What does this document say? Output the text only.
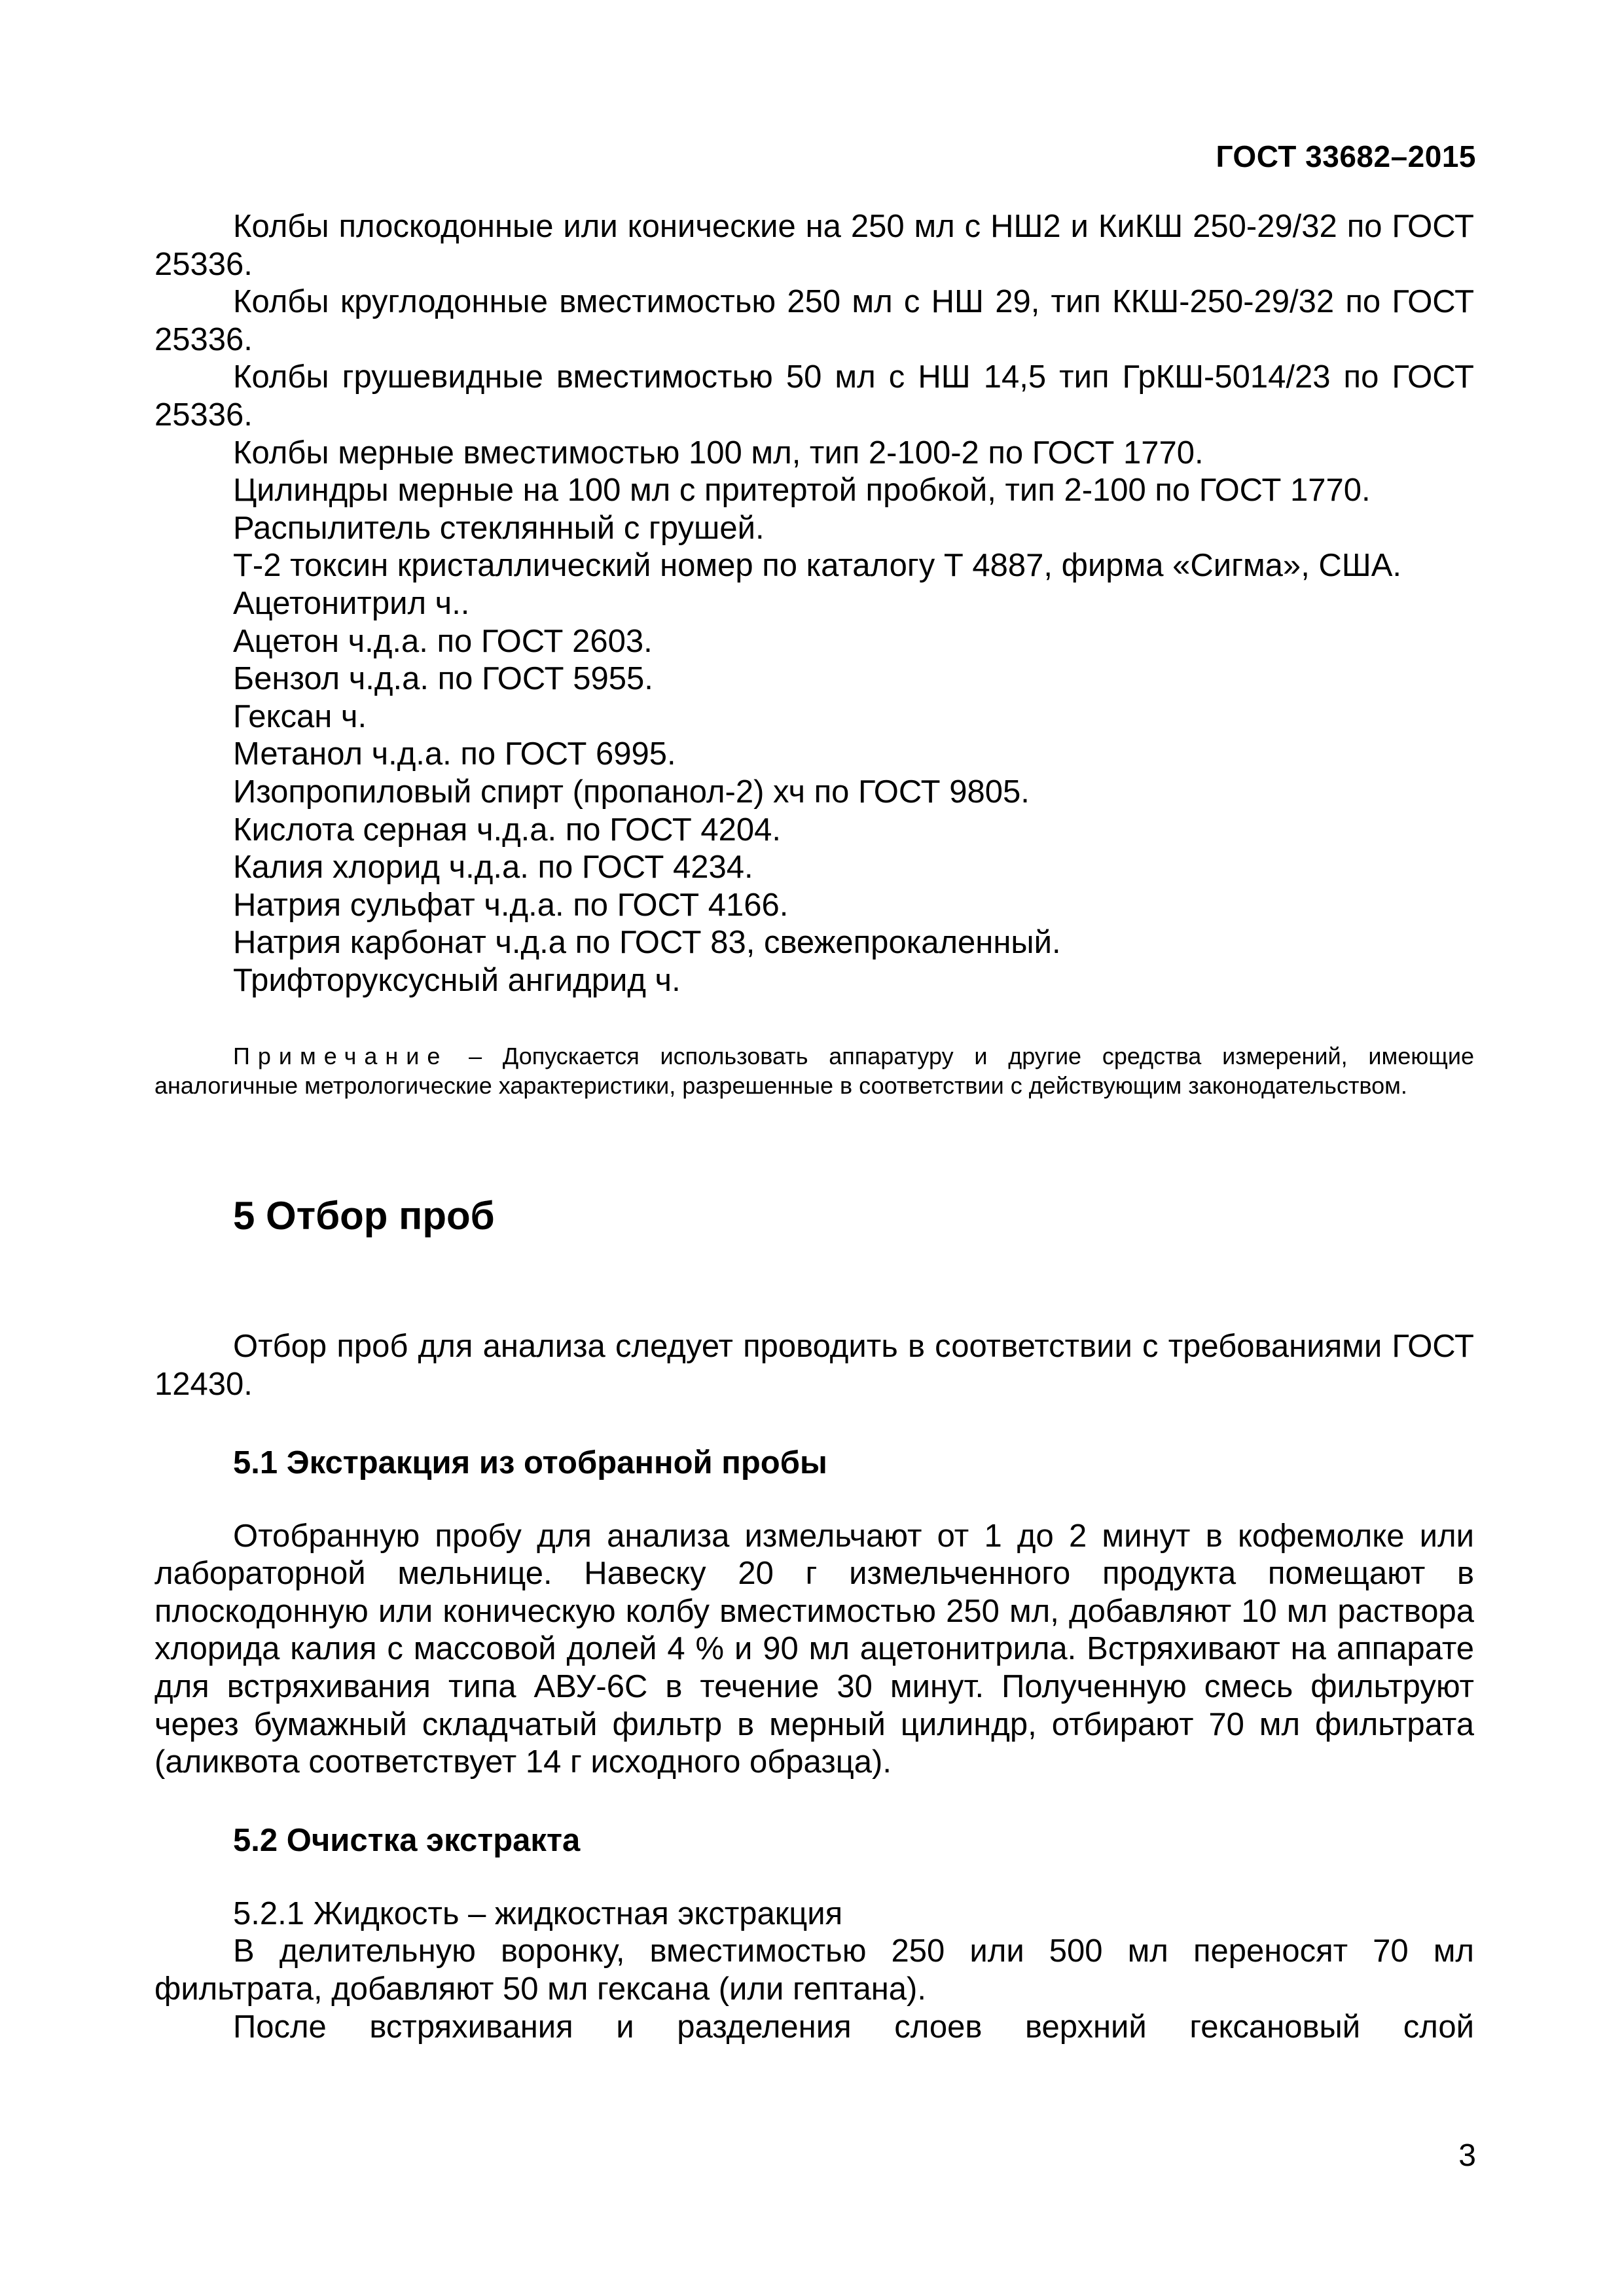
ГОСТ 33682–2015

Колбы плоскодонные или конические на 250 мл с НШ2 и КиКШ 250-29/32 по ГОСТ 25336.

Колбы круглодонные вместимостью 250 мл с НШ 29, тип ККШ-250-29/32 по ГОСТ 25336.

Колбы грушевидные вместимостью 50 мл с НШ 14,5 тип ГрКШ-5014/23 по ГОСТ 25336.

Колбы мерные вместимостью 100 мл, тип 2-100-2 по ГОСТ 1770.

Цилиндры мерные на 100 мл с притертой пробкой, тип 2-100 по ГОСТ 1770.

Распылитель стеклянный с грушей.

Т-2 токсин кристаллический номер по каталогу Т 4887, фирма «Сигма», США.

Ацетонитрил ч..

Ацетон ч.д.а. по ГОСТ 2603.

Бензол ч.д.а. по ГОСТ 5955.

Гексан ч.

Метанол ч.д.а. по ГОСТ 6995.

Изопропиловый спирт (пропанол-2) хч по ГОСТ 9805.

Кислота серная ч.д.а. по ГОСТ 4204.

Калия хлорид ч.д.а. по ГОСТ 4234.

Натрия сульфат ч.д.а. по ГОСТ 4166.

Натрия карбонат ч.д.а по ГОСТ 83, свежепрокаленный.

Трифторуксусный ангидрид ч.

Примечание – Допускается использовать аппаратуру и другие средства измерений, имеющие аналогичные метрологические характеристики, разрешенные в соответствии с действующим законодательством.

5 Отбор проб

Отбор проб для анализа следует проводить в соответствии с требованиями ГОСТ 12430.

5.1 Экстракция из отобранной пробы

Отобранную пробу для анализа измельчают от 1 до 2 минут в кофемолке или лабораторной мельнице. Навеску 20 г измельченного продукта помещают в плоскодонную или коническую колбу вместимостью 250 мл, добавляют 10 мл раствора хлорида калия с массовой долей 4 % и 90 мл ацетонитрила. Встряхивают на аппарате для встряхивания типа АВУ-6С в течение 30 минут. Полученную смесь фильтруют через бумажный складчатый фильтр в мерный цилиндр, отбирают 70 мл фильтрата (аликвота соответствует 14 г исходного образца).

5.2 Очистка экстракта

5.2.1 Жидкость – жидкостная экстракция

В делительную воронку, вместимостью 250 или 500 мл переносят 70 мл фильтрата, добавляют 50 мл гексана (или гептана).

После встряхивания и разделения слоев верхний гексановый слой

3
